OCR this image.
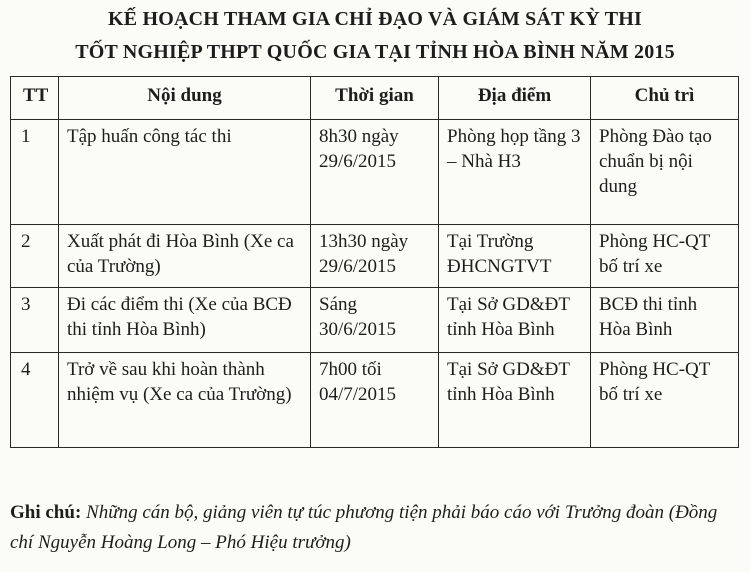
KẾ HOẠCH THAM GIA CHỈ ĐẠO VÀ GIÁM SÁT KỲ THI
TỐT NGHIỆP THPT QUỐC GIA TẠI TỈNH HÒA BÌNH NĂM 2015
TT	Nội dung	Thời gian	Địa điểm	Chủ trì
1	Tập huấn công tác thi	8h30 ngày 29/6/2015	Phòng họp tầng 3 – Nhà H3	Phòng Đào tạo chuẩn bị nội dung
2	Xuất phát đi Hòa Bình (Xe ca của Trường)	13h30 ngày 29/6/2015	Tại Trường ĐHCNGTVT	Phòng HC-QT bố trí xe
3	Đi các điểm thi (Xe của BCĐ thi tỉnh Hòa Bình)	Sáng 30/6/2015	Tại Sở GD&ĐT tỉnh Hòa Bình	BCĐ thi tỉnh Hòa Bình
4	Trở về sau khi hoàn thành nhiệm vụ (Xe ca của Trường)	7h00 tối 04/7/2015	Tại Sở GD&ĐT tỉnh Hòa Bình	Phòng HC-QT bố trí xe
Ghi chú: Những cán bộ, giảng viên tự túc phương tiện phải báo cáo với Trưởng đoàn (Đồng chí Nguyễn Hoàng Long – Phó Hiệu trưởng)
